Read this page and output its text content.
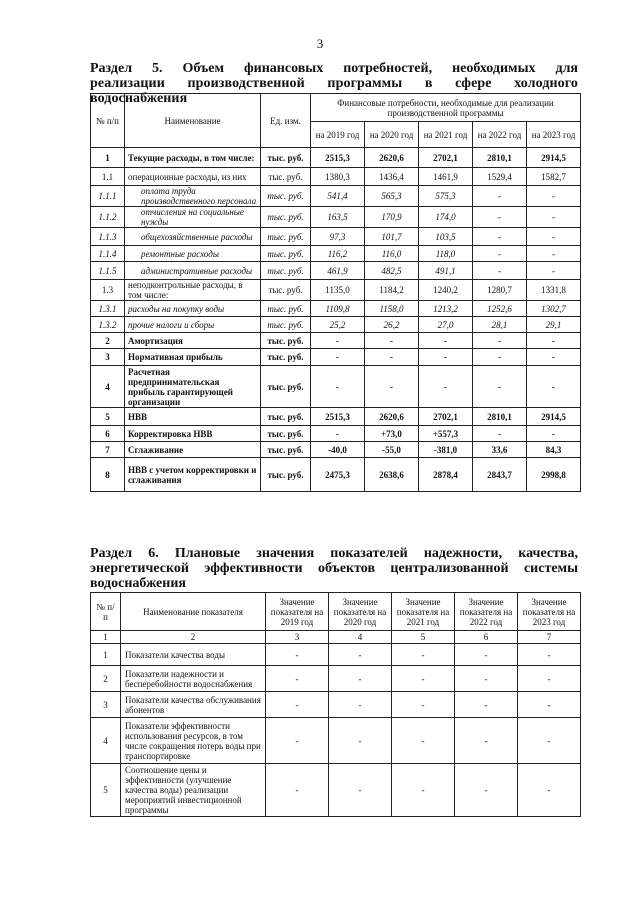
3
Раздел 5. Объем финансовых потребностей, необходимых для
реализации производственной программы в сфере холодного водоснабжения
№ п/п	Наименование	Ед. изм.	Финансовые потребности, необходимые для реализации производственной программы				
			на 2019 год	на 2020 год	на 2021 год	на 2022 год	на 2023 год
1	Текущие расходы, в том числе:	тыс. руб.	2515,3	2620,6	2702,1	2810,1	2914,5
1.1	операционные расходы, из них	тыс. руб.	1380,3	1436,4	1461,9	1529,4	1582,7
1.1.1	оплата труда производственного персонала	тыс. руб.	541,4	565,3	575,3	-	-
1.1.2	отчисления на социальные нужды	тыс. руб.	163,5	170,9	174,0	-	-
1.1.3	общехозяйственные расходы	тыс. руб.	97,3	101,7	103,5	-	-
1.1.4	ремонтные расходы	тыс. руб.	116,2	116,0	118,0	-	-
1.1.5	административные расходы	тыс. руб.	461,9	482,5	491,1	-	-
1.3	неподконтрольные расходы, в том числе:	тыс. руб.	1135,0	1184,2	1240,2	1280,7	1331,8
1.3.1	расходы на покупку воды	тыс. руб.	1109,8	1158,0	1213,2	1252,6	1302,7
1.3.2	прочие налоги и сборы	тыс. руб.	25,2	26,2	27,0	28,1	29,1
2	Амортизация	тыс. руб.	-	-	-	-	-
3	Нормативная прибыль	тыс. руб.	-	-	-	-	-
4	Расчетная предпринимательская прибыль гарантирующей организации	тыс. руб.	-	-	-	-	-
5	НВВ	тыс. руб.	2515,3	2620,6	2702,1	2810,1	2914,5
6	Корректировка НВВ	тыс. руб.	-	+73,0	+557,3	-	-
7	Сглаживание	тыс. руб.	-40,0	-55,0	-381,0	33,6	84,3
8	НВВ с учетом корректировки и сглаживания	тыс. руб.	2475,3	2638,6	2878,4	2843,7	2998,8
Раздел 6. Плановые значения показателей надежности, качества,
энергетической эффективности объектов централизованной системы
водоснабжения
№ п/п	Наименование показателя	Значение показателя на 2019 год	Значение показателя на 2020 год	Значение показателя на 2021 год	Значение показателя на 2022 год	Значение показателя на 2023 год
1	2	3	4	5	6	7
1	Показатели качества воды	-	-	-	-	-
2	Показатели надежности и бесперебойности водоснабжения	-	-	-	-	-
3	Показатели качества обслуживания абонентов	-	-	-	-	-
4	Показатели эффективности использования ресурсов, в том числе сокращения потерь воды при транспортировке	-	-	-	-	-
5	Соотношение цены и эффективности (улучшение качества воды) реализации мероприятий инвестиционной программы	-	-	-	-	-
